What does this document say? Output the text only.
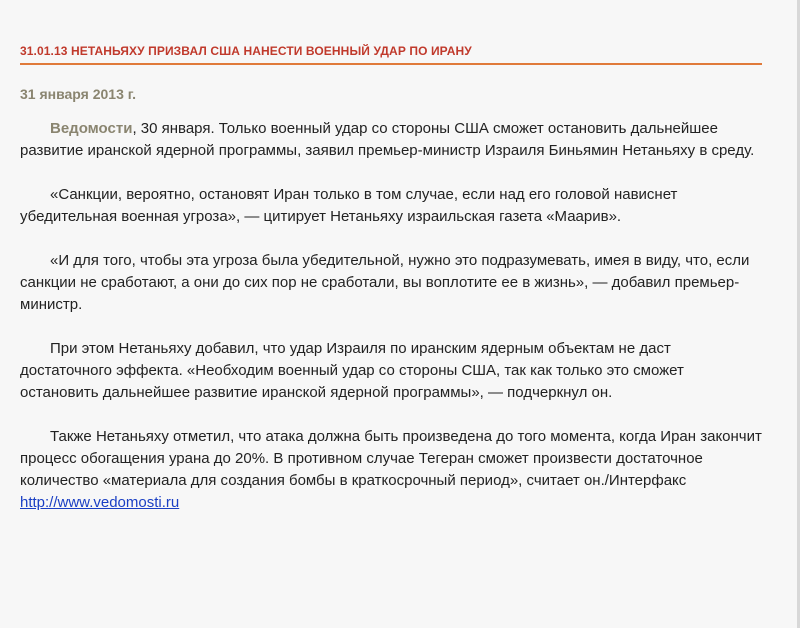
31.01.13 НЕТАНЬЯХУ ПРИЗВАЛ США НАНЕСТИ ВОЕННЫЙ УДАР ПО ИРАНУ
31 января 2013 г.

Ведомости, 30 января. Только военный удар со стороны США сможет остановить дальнейшее развитие иранской ядерной программы, заявил премьер-министр Израиля Биньямин Нетаньяху в среду.

«Санкции, вероятно, остановят Иран только в том случае, если над его головой нависнет убедительная военная угроза», — цитирует Нетаньяху израильская газета «Маарив».

«И для того, чтобы эта угроза была убедительной, нужно это подразумевать, имея в виду, что, если санкции не сработают, а они до сих пор не сработали, вы воплотите ее в жизнь», — добавил премьер-министр.

При этом Нетаньяху добавил, что удар Израиля по иранским ядерным объектам не даст достаточного эффекта. «Необходим военный удар со стороны США, так как только это сможет остановить дальнейшее развитие иранской ядерной программы», — подчеркнул он.

Также Нетаньяху отметил, что атака должна быть произведена до того момента, когда Иран закончит процесс обогащения урана до 20%. В противном случае Тегеран сможет произвести достаточное количество «материала для создания бомбы в краткосрочный период», считает он./Интерфакс

http://www.vedomosti.ru
